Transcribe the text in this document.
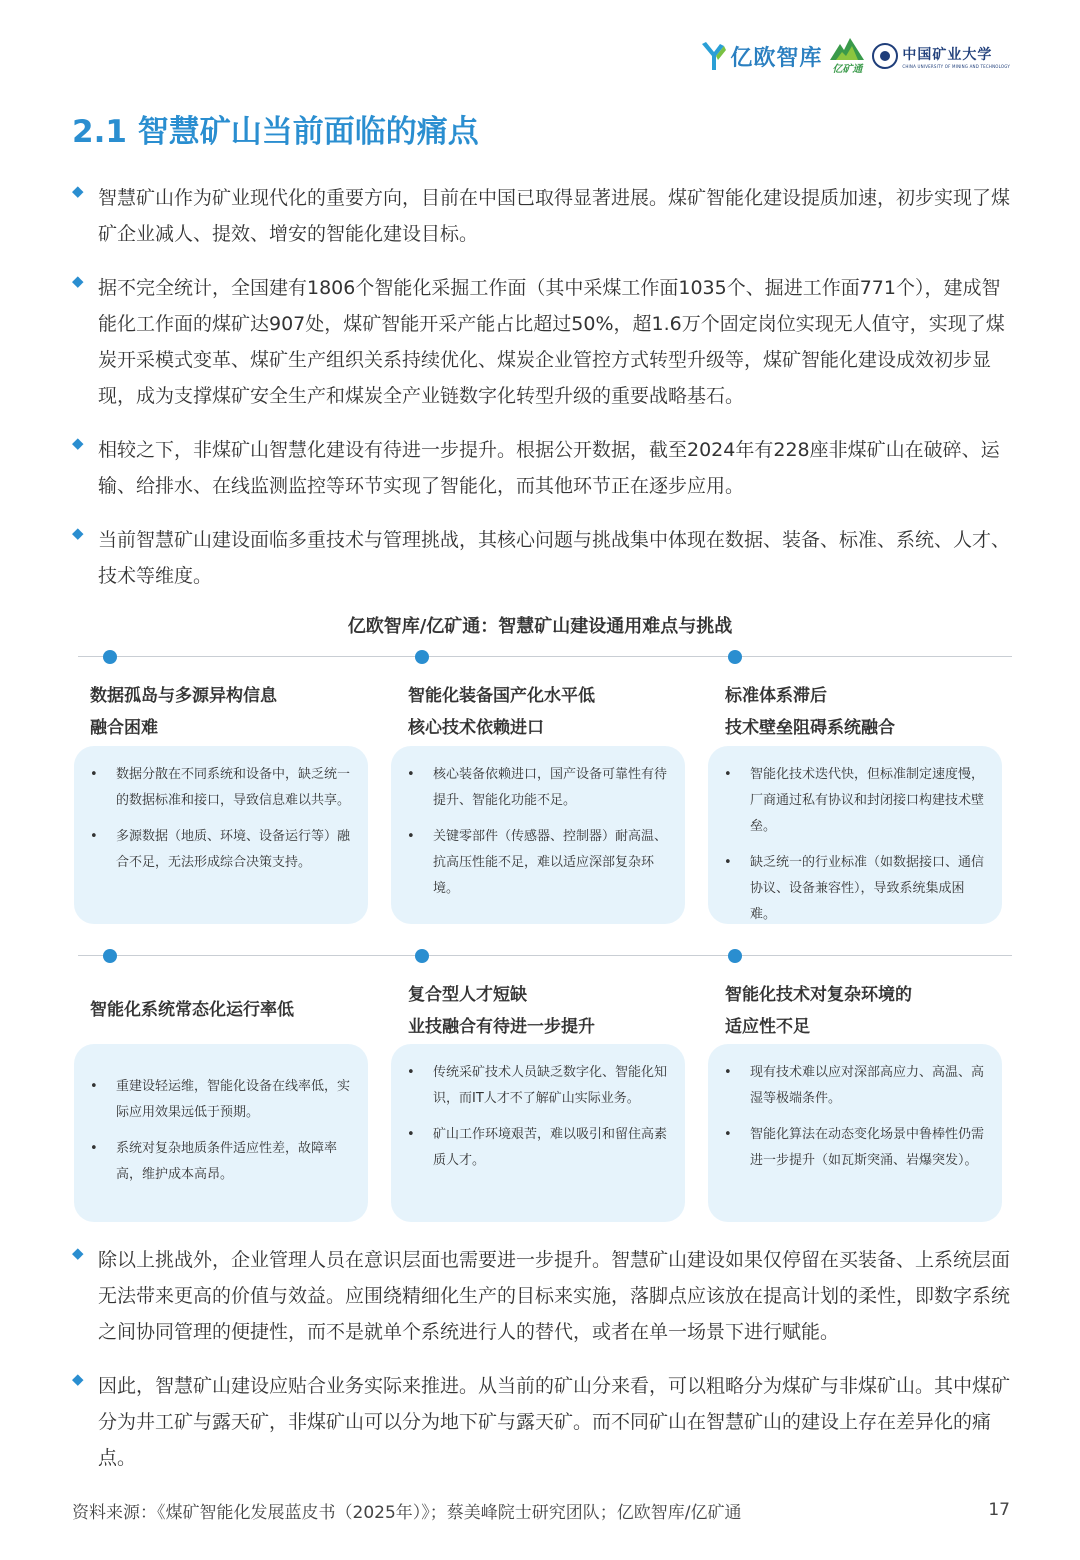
亿欧智库 亿矿通
中国矿业大学
CHINA UNIVERSITY OF MINING AND TECHNOLOGY
2.1 智慧矿山当前面临的痛点
◆ 智慧矿山作为矿业现代化的重要方向，目前在中国已取得显著进展。煤矿智能化建设提质加速，初步实现了煤矿企业减人、提效、增安的智能化建设目标。
◆ 据不完全统计，全国建有1806个智能化采掘工作面（其中采煤工作面1035个、掘进工作面771个），建成智能化工作面的煤矿达907处，煤矿智能开采产能占比超过50%，超1.6万个固定岗位实现无人值守，实现了煤炭开采模式变革、煤矿生产组织关系持续优化、煤炭企业管控方式转型升级等，煤矿智能化建设成效初步显现，成为支撑煤矿安全生产和煤炭全产业链数字化转型升级的重要战略基石。
◆ 相较之下，非煤矿山智慧化建设有待进一步提升。根据公开数据，截至2024年有228座非煤矿山在破碎、运输、给排水、在线监测监控等环节实现了智能化，而其他环节正在逐步应用。
◆ 当前智慧矿山建设面临多重技术与管理挑战，其核心问题与挑战集中体现在数据、装备、标准、系统、人才、技术等维度。
亿欧智库/亿矿通：智慧矿山建设通用难点与挑战
数据孤岛与多源异构信息
融合困难
智能化装备国产化水平低
核心技术依赖进口
标准体系滞后
技术壁垒阻碍系统融合
• 数据分散在不同系统和设备中，缺乏统一的数据标准和接口，导致信息难以共享。
• 多源数据（地质、环境、设备运行等）融合不足，无法形成综合决策支持。
• 核心装备依赖进口，国产设备可靠性有待提升、智能化功能不足。
• 关键零部件（传感器、控制器）耐高温、抗高压性能不足，难以适应深部复杂环境。
• 智能化技术迭代快，但标准制定速度慢，厂商通过私有协议和封闭接口构建技术壁垒。
• 缺乏统一的行业标准（如数据接口、通信协议、设备兼容性），导致系统集成困难。
智能化系统常态化运行率低
复合型人才短缺
业技融合有待进一步提升
智能化技术对复杂环境的
适应性不足
• 重建设轻运维，智能化设备在线率低，实际应用效果远低于预期。
• 系统对复杂地质条件适应性差，故障率高，维护成本高昂。
• 传统采矿技术人员缺乏数字化、智能化知识，而IT人才不了解矿山实际业务。
• 矿山工作环境艰苦，难以吸引和留住高素质人才。
• 现有技术难以应对深部高应力、高温、高湿等极端条件。
• 智能化算法在动态变化场景中鲁棒性仍需进一步提升（如瓦斯突涌、岩爆突发）。
◆ 除以上挑战外，企业管理人员在意识层面也需要进一步提升。智慧矿山建设如果仅停留在买装备、上系统层面无法带来更高的价值与效益。应围绕精细化生产的目标来实施，落脚点应该放在提高计划的柔性，即数字系统之间协同管理的便捷性，而不是就单个系统进行人的替代，或者在单一场景下进行赋能。
◆ 因此，智慧矿山建设应贴合业务实际来推进。从当前的矿山分来看，可以粗略分为煤矿与非煤矿山。其中煤矿分为井工矿与露天矿，非煤矿山可以分为地下矿与露天矿。而不同矿山在智慧矿山的建设上存在差异化的痛点。
资料来源：《煤矿智能化发展蓝皮书（2025年）》；蔡美峰院士研究团队；亿欧智库/亿矿通	17
